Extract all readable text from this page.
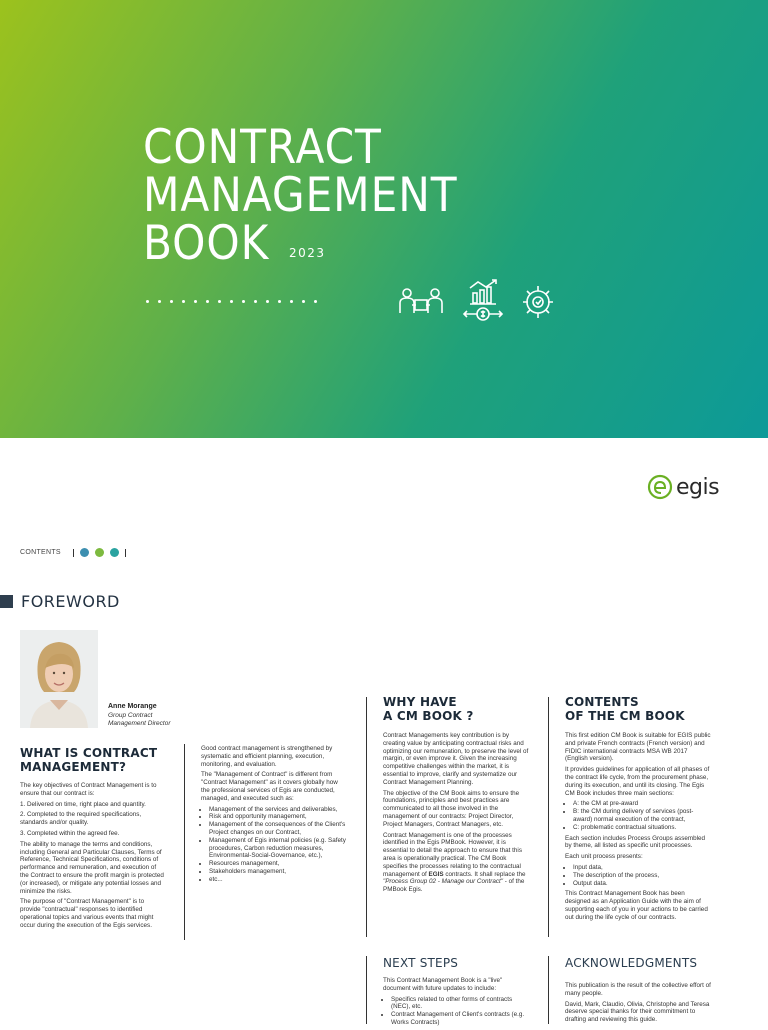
CONTRACT
MANAGEMENT
BOOK	2023
egis
CONTENTS
FOREWORD
Anne Morange
Group Contract Management Director
WHAT IS CONTRACT MANAGEMENT?

The key objectives of Contract Management is to ensure that our contract is:

1. Delivered on time, right place and quantity.

2. Completed to the required specifications, standards and/or quality.

3. Completed within the agreed fee.

The ability to manage the terms and conditions, including General and Particular Clauses, Terms of Reference, Technical Specifications, conditions of performance and remuneration, and execution of the Contract to ensure the profit margin is protected (or increased), or mitigate any potential losses and minimize the risks.

The purpose of "Contract Management" is to provide "contractual" responses to identified operational topics and various events that might occur during the execution of the Egis services.

Good contract management is strengthened by systematic and efficient planning, execution, monitoring, and evaluation.

The "Management of Contract" is different from "Contract Management" as it covers globally how the professional services of Egis are conducted, managed, and executed such as:

• Management of the services and deliverables,
• Risk and opportunity management,
• Management of the consequences of the Client's Project changes on our Contract,
• Management of Egis internal policies (e.g. Safety procedures, Carbon reduction measures, Environmental-Social-Governance, etc.),
• Resources management,
• Stakeholders management,
• etc...
WHY HAVE
A CM BOOK ?

Contract Managements key contribution is by creating value by anticipating contractual risks and optimizing our remuneration, to preserve the level of margin, or even improve it. Given the increasing competitive challenges within the market, it is essential to improve, clarify and systematize our Contract Management Planning.

The objective of the CM Book aims to ensure the foundations, principles and best practices are communicated to all those involved in the management of our contracts: Project Director, Project Managers, Contract Managers, etc.

Contract Management is one of the processes identified in the Egis PMBook. However, it is essential to detail the approach to ensure that this area is operationally practical. The CM Book specifies the processes relating to the contractual management of EGIS contracts. It shall replace the "Process Group 02 - Manage our Contract" - of the PMBook Egis.

NEXT STEPS

This Contract Management Book is a "live" document with future updates to include:

• Specifics related to other forms of contracts (NEC), etc.
• Contract Management of Client's contracts (e.g. Works Contracts)
CONTENTS
OF THE CM BOOK

This first edition CM Book is suitable for EGIS public and private French contracts (French version) and FIDIC international contracts MSA WB 2017 (English version).

It provides guidelines for application of all phases of the contract life cycle, from the procurement phase, during its execution, and until its closing. The Egis CM Book includes three main sections:

• A: the CM at pre-award
• B: the CM during delivery of services (post-award) normal execution of the contract,
• C: problematic contractual situations.

Each section includes Process Groups assembled by theme, all listed as specific unit processes.

Each unit process presents:

• Input data,
• The description of the process,
• Output data.

This Contract Management Book has been designed as an Application Guide with the aim of supporting each of you in your actions to be carried out during the life cycle of our contracts.

ACKNOWLEDGMENTS

This publication is the result of the collective effort of many people.

David, Mark, Claudio, Olivia, Christophe and Teresa deserve special thanks for their commitment to drafting and reviewing this guide.
